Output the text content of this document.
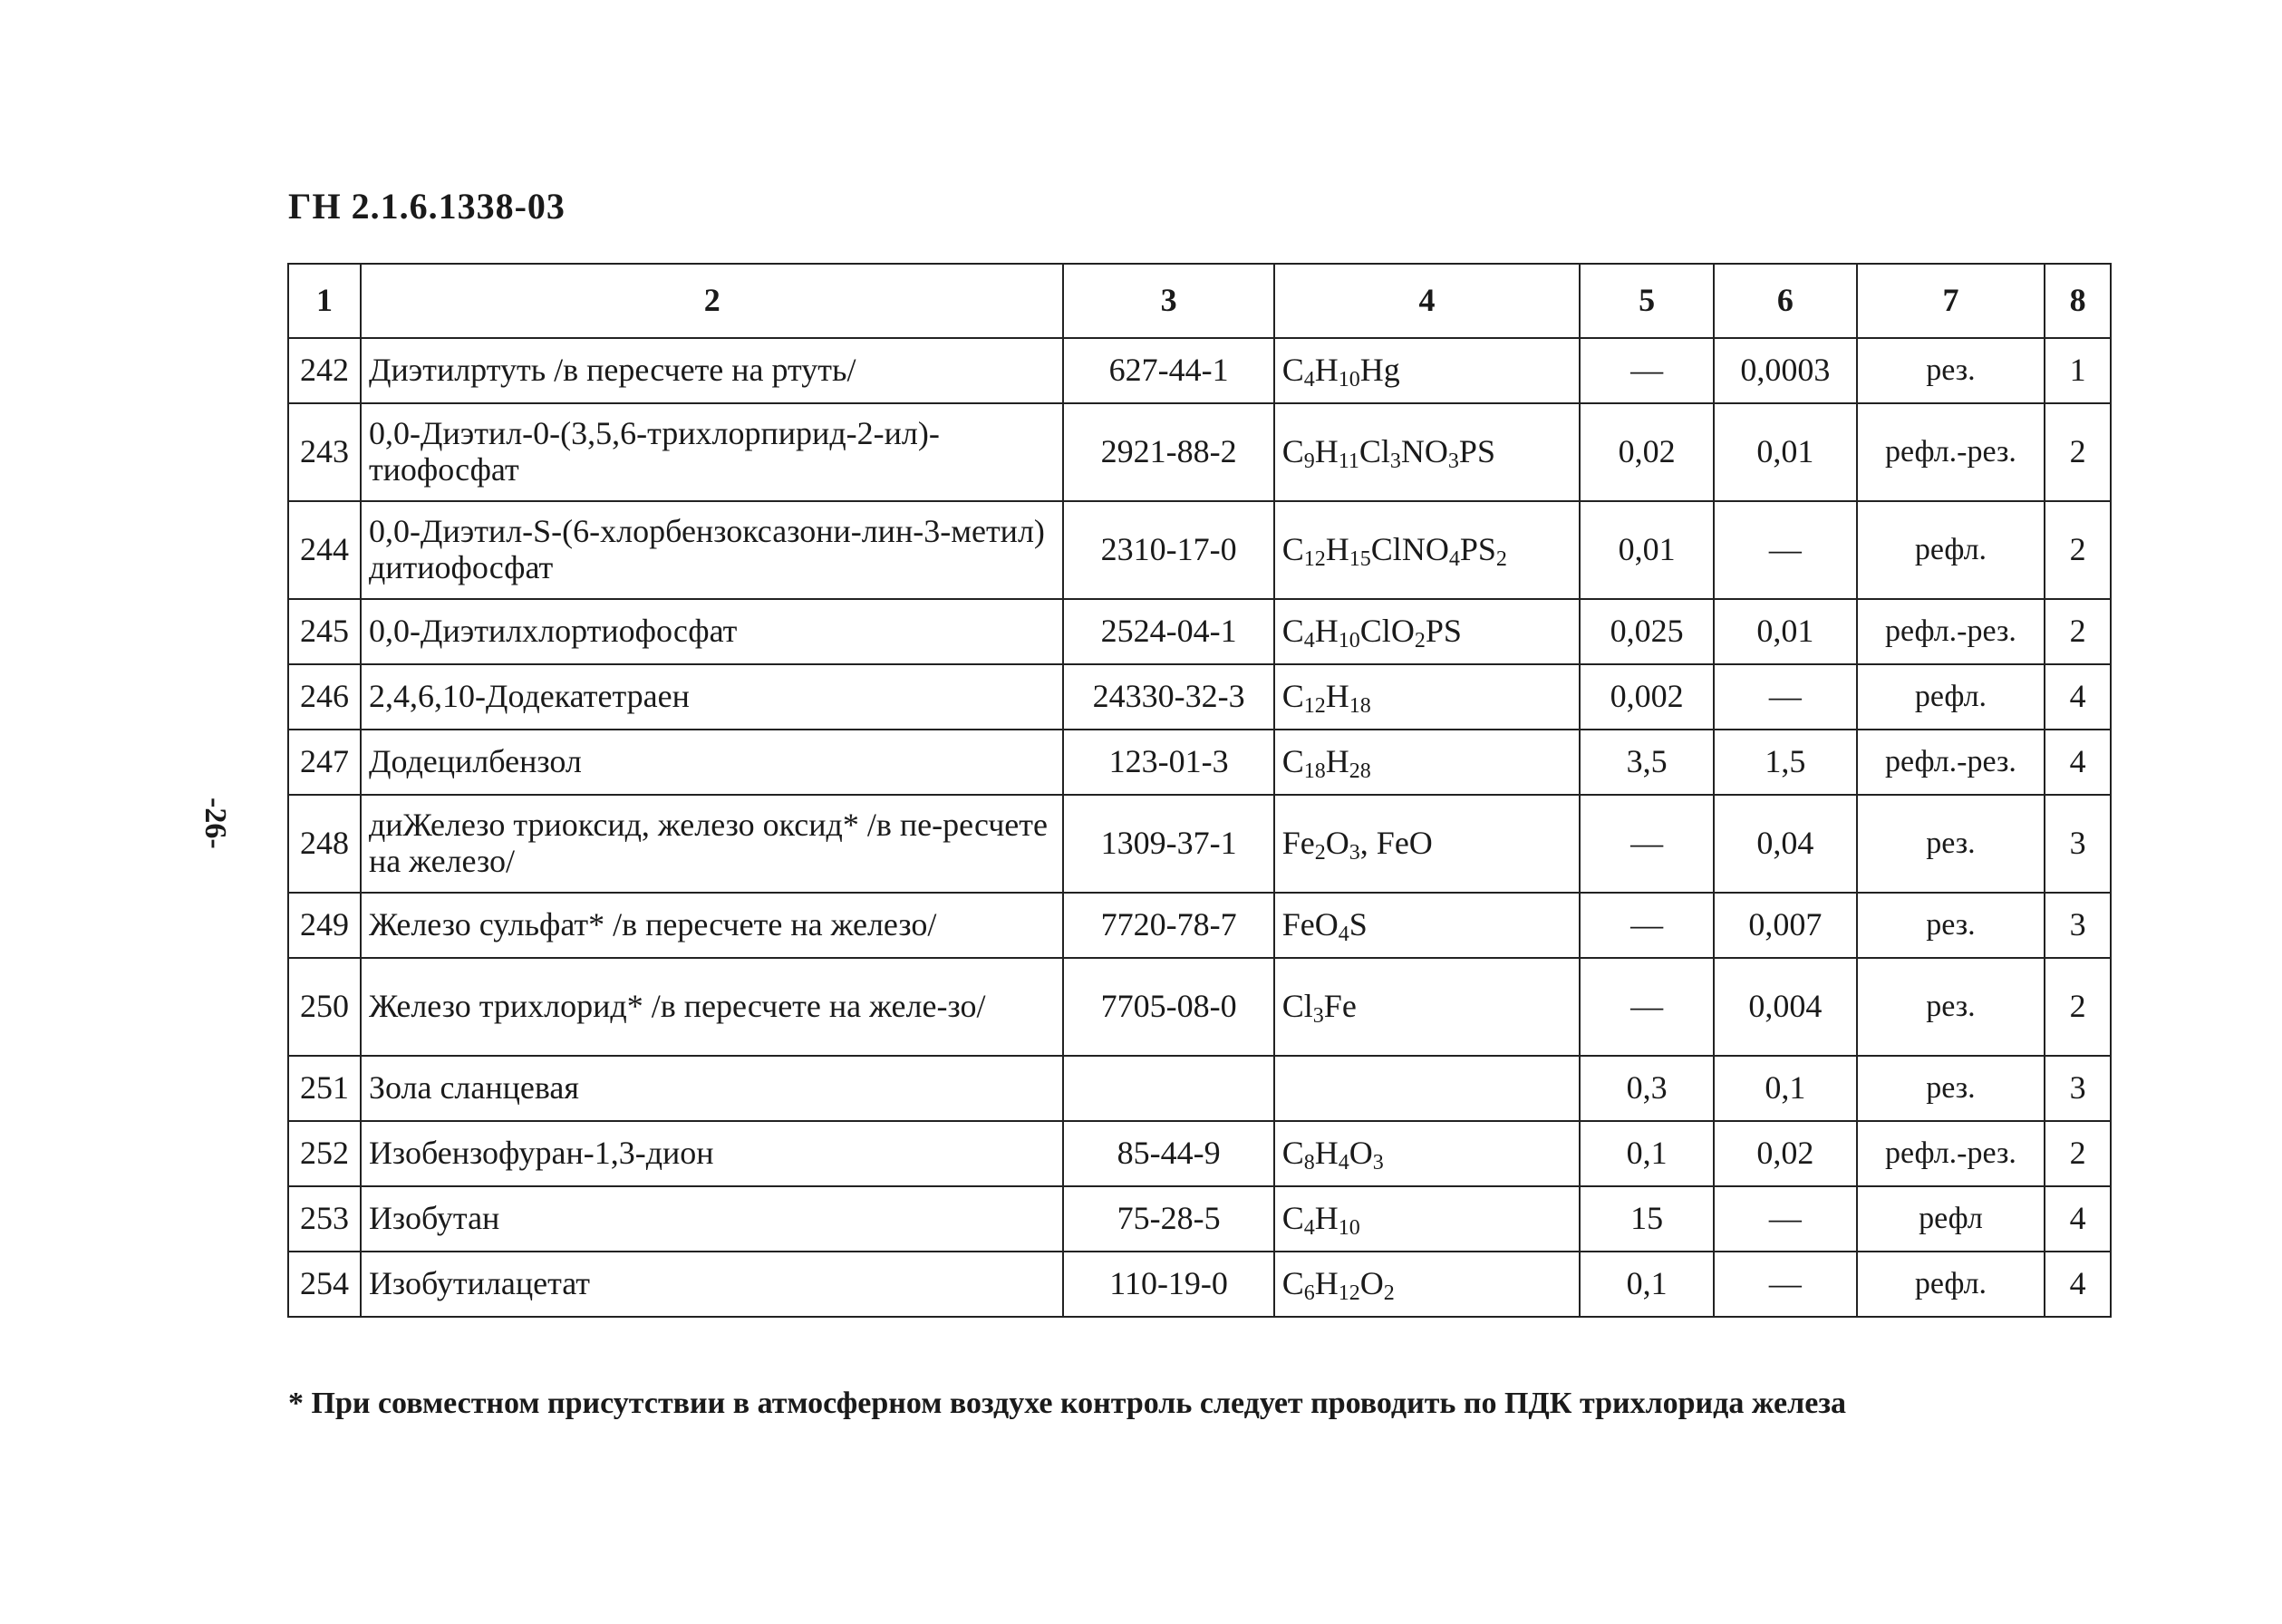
ГН 2.1.6.1338-03
-26-
1	2	3	4	5	6	7	8
242	Диэтилртуть /в пересчете на ртуть/	627-44-1	$C_4H_{10}Hg$	—	0,0003	рез.	1
243	0,0-Диэтил-0-(3,5,6-трихлорпирид-2-ил)-тиофосфат	2921-88-2	$C_9H_{11}Cl_3NO_3PS$	0,02	0,01	рефл.-рез.	2
244	0,0-Диэтил-S-(6-хлорбензоксазони-лин-3-метил) дитиофосфат	2310-17-0	$C_{12}H_{15}ClNO_4PS_2$	0,01	—	рефл.	2
245	0,0-Диэтилхлортиофосфат	2524-04-1	$C_4H_{10}ClO_2PS$	0,025	0,01	рефл.-рез.	2
246	2,4,6,10-Додекатетраен	24330-32-3	$C_{12}H_{18}$	0,002	—	рефл.	4
247	Додецилбензол	123-01-3	$C_{18}H_{28}$	3,5	1,5	рефл.-рез.	4
248	диЖелезо триоксид, железо оксид* /в пе-ресчете на железо/	1309-37-1	$Fe_2O_3$, FeO	—	0,04	рез.	3
249	Железо сульфат* /в пересчете на железо/	7720-78-7	FeO$_4$S	—	0,007	рез.	3
250	Железо трихлорид* /в пересчете на желе-зо/	7705-08-0	$Cl_3Fe$	—	0,004	рез.	2
251	Зола сланцевая			0,3	0,1	рез.	3
252	Изобензофуран-1,3-дион	85-44-9	$C_8H_4O_3$	0,1	0,02	рефл.-рез.	2
253	Изобутан	75-28-5	$C_4H_{10}$	15	—	рефл	4
254	Изобутилацетат	110-19-0	$C_6H_{12}O_2$	0,1	—	рефл.	4
* При совместном присутствии в атмосферном воздухе контроль следует проводить по ПДК трихлорида железа
